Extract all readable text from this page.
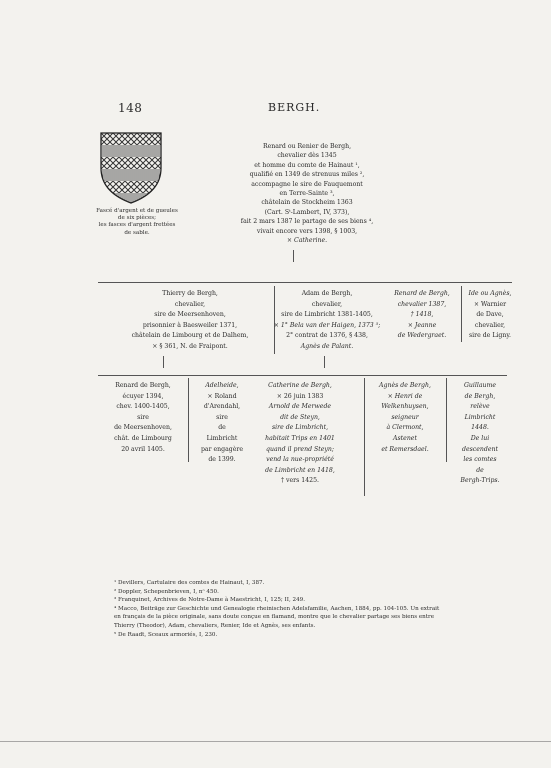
148	BERGH.
Fascé d'argent et de gueules
de six pièces;
les fasces d'argent frettées
de sable.
Renard ou Renier de Bergh,
chevalier dès 1345
et homme du comte de Hainaut ¹,
qualifié en 1349 de strenuus miles ²,
accompagne le sire de Fauquemont
en Terre-Sainte ³,
châtelain de Stockheim 1363
(Cart. Sᵗ-Lambert, IV, 373),
fait 2 mars 1387 le partage de ses biens ⁴,
vivait encore vers 1398, § 1003,
× Catherine.
Thierry de Bergh,
chevalier,
sire de Meersenhoven,
prisonnier à Baesweiler 1371,
châtelain de Limbourg et de Dalhem,
× § 361, N. de Fraipont.
Adam de Bergh,
chevalier,
sire de Limbricht 1381-1405,
× 1° Bela van der Haigen, 1373 ⁵;
2° contrat de 1376, § 438,
Agnès de Palant.
Renard de Bergh,
chevalier 1387,
† 1418,
× Jeanne
de Wedergraet.
Ide ou Agnès,
× Warnier
de Dave,
chevalier,
sire de Ligny.
Renard de Bergh,
écuyer 1394,
chev. 1400-1405,
sire
de Meersenhoven,
chât. de Limbourg
20 avril 1405.
Adelheide,
× Roland
d'Arendahl,
sire
de
Limbricht
par engagère
de 1399.
Catherine de Bergh,
× 26 juin 1383
Arnold de Merwede
dit de Steyn,
sire de Limbricht,
habitait Trips en 1401
quand il prend Steyn;
vend la nue-propriété
de Limbricht en 1418,
† vers 1425.
Agnès de Bergh,
× Henri de
Welkenhuysen,
seigneur
à Clermont,
Astenet
et Remersdael.
Guillaume
de Bergh,
relève
Limbricht
1448.
De lui
descendent
les comtes
de
Bergh-Trips.
¹ Devillers, Cartulaire des comtes de Hainaut, I, 387.
² Doppler, Schepenbrieven, I, nᵒ 450.
³ Franquinet, Archives de Notre-Dame à Maestricht, I, 125; II, 249.
⁴ Macco, Beiträge zur Geschichte und Genealogie rheinischen Adelsfamilie, Aachen, 1884, pp. 104-105. Un extrait
en français de la pièce originale, sans doute conçue en flamand, montre que le chevalier partage ses biens entre
Thierry (Theodor), Adam, chevaliers, Renier, Ide et Agnès, ses enfants.
⁵ De Raadt, Sceaux armoriés, I, 230.
